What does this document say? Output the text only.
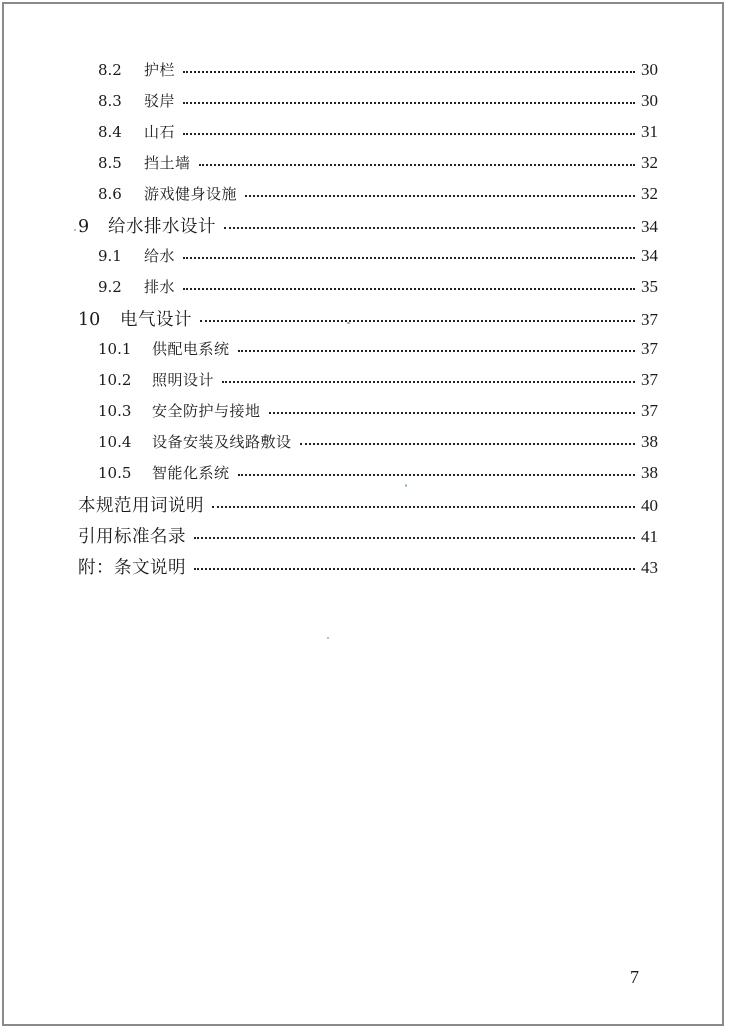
8.2	护栏	30
8.3	驳岸	30
8.4	山石	31
8.5	挡土墙	32
8.6	游戏健身设施	32
9	给水排水设计	34
9.1	给水	34
9.2	排水	35
10	电气设计	37
10.1	供配电系统	37
10.2	照明设计	37
10.3	安全防护与接地	37
10.4	设备安装及线路敷设	38
10.5	智能化系统	38
本规范用词说明	40
引用标准名录	41
附：条文说明	43
7
